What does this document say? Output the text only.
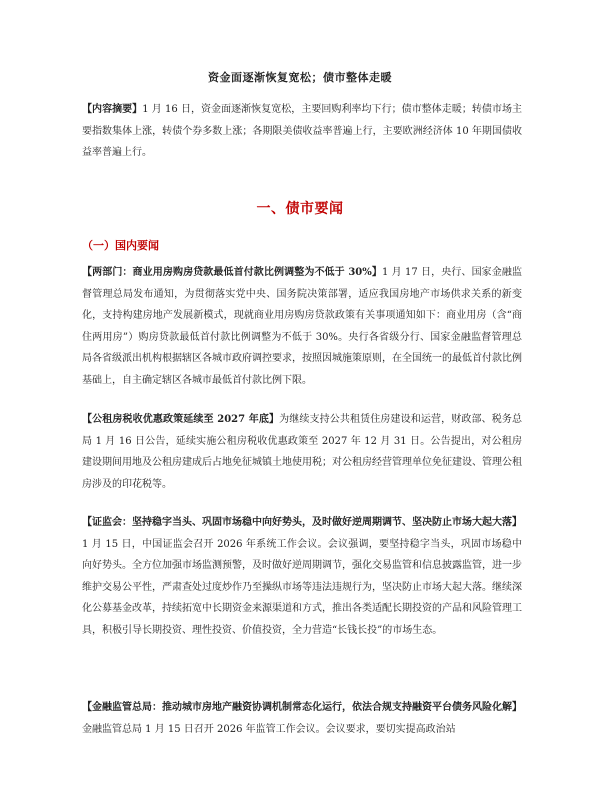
资金面逐渐恢复宽松；债市整体走暖
【内容摘要】1 月 16 日，资金面逐渐恢复宽松，主要回购利率均下行；债市整体走暖；转债市场主要指数集体上涨，转债个券多数上涨；各期限美债收益率普遍上行，主要欧洲经济体 10 年期国债收益率普遍上行。
一、债市要闻
（一）国内要闻
【两部门：商业用房购房贷款最低首付款比例调整为不低于 30%】1 月 17 日，央行、国家金融监督管理总局发布通知，为贯彻落实党中央、国务院决策部署，适应我国房地产市场供求关系的新变化，支持构建房地产发展新模式，现就商业用房购房贷款政策有关事项通知如下：商业用房（含“商住两用房”）购房贷款最低首付款比例调整为不低于 30%。央行各省级分行、国家金融监督管理总局各省级派出机构根据辖区各城市政府调控要求，按照因城施策原则，在全国统一的最低首付款比例基础上，自主确定辖区各城市最低首付款比例下限。
【公租房税收优惠政策延续至 2027 年底】为继续支持公共租赁住房建设和运营，财政部、税务总局 1 月 16 日公告，延续实施公租房税收优惠政策至 2027 年 12 月 31 日。公告提出，对公租房建设期间用地及公租房建成后占地免征城镇土地使用税；对公租房经营管理单位免征建设、管理公租房涉及的印花税等。
【证监会：坚持稳字当头、巩固市场稳中向好势头，及时做好逆周期调节、坚决防止市场大起大落】1 月 15 日，中国证监会召开 2026 年系统工作会议。会议强调，要坚持稳字当头，巩固市场稳中向好势头。全方位加强市场监测预警，及时做好逆周期调节，强化交易监管和信息披露监管，进一步维护交易公平性，严肃查处过度炒作乃至操纵市场等违法违规行为，坚决防止市场大起大落。继续深化公募基金改革，持续拓宽中长期资金来源渠道和方式，推出各类适配长期投资的产品和风险管理工具，积极引导长期投资、理性投资、价值投资，全力营造“长钱长投”的市场生态。
【金融监管总局：推动城市房地产融资协调机制常态化运行，依法合规支持融资平台债务风险化解】金融监管总局 1 月 15 日召开 2026 年监管工作会议。会议要求，要切实提高政治站
